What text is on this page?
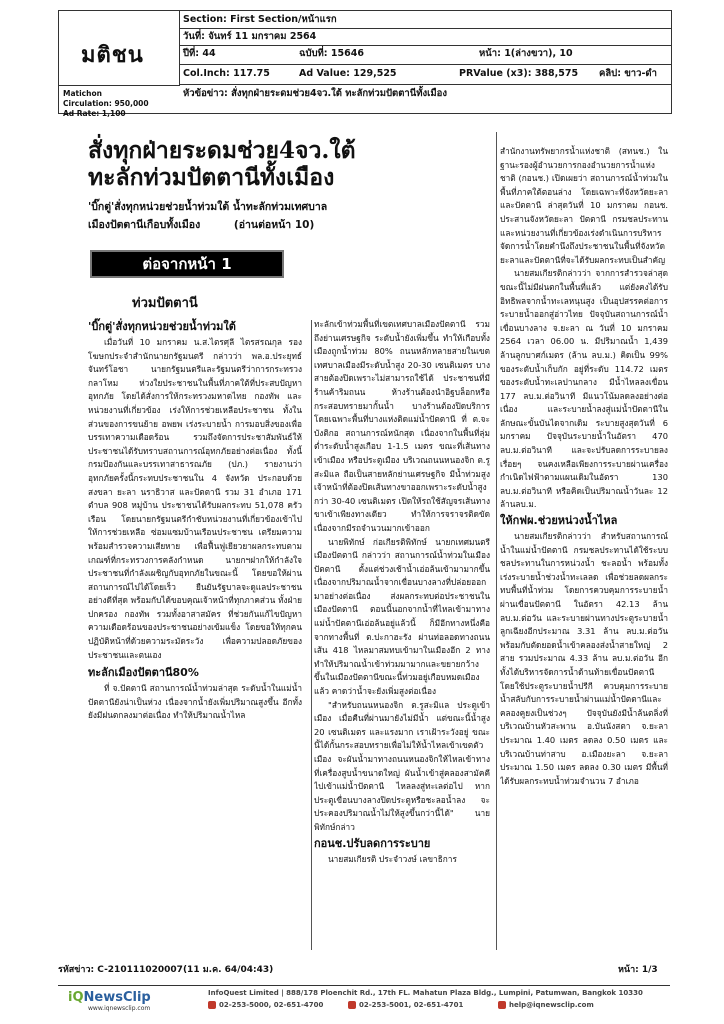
มติชน
Matichon
Circulation: 950,000
Ad Rate: 1,100
Section: First Section/หน้าแรก
วันที่: จันทร์ 11 มกราคม 2564
ปีที่: 44	ฉบับที่: 15646	หน้า: 1(ล่างขวา), 10
Col.Inch: 117.75	Ad Value: 129,525	PRValue (x3): 388,575 คลิป: ขาว-ดำ
หัวข้อข่าว: สั่งทุกฝ่ายระดมช่วย4จว.ใต้ ทะลักท่วมปัตตานีทั้งเมือง
สั่งทุกฝ่ายระดมช่วย4จว.ใต้
ทะลักท่วมปัตตานีทั้งเมือง
'บิ๊กตู่'สั่งทุกหน่วยช่วยน้ำท่วมใต้ น้ำทะลักท่วมเทศบาล
เมืองปัตตานีเกือบทั้งเมือง	(อ่านต่อหน้า 10)
ต่อจากหน้า 1
ท่วมปัตตานี

'บิ๊กตู่'สั่งทุกหน่วยช่วยน้ำท่วมใต้

เมื่อวันที่ 10 มกราคม น.ส.ไตรศุลี ไตรสรณกุล รองโฆษกประจำสำนักนายกรัฐมนตรี กล่าวว่า พล.อ.ประยุทธ์ จันทร์โอชา นายกรัฐมนตรีและรัฐมนตรีว่าการกระทรวงกลาโหม ห่วงใยประชาชนในพื้นที่ภาคใต้ที่ประสบปัญหาอุทกภัย โดยได้สั่งการให้กระทรวงมหาดไทย กองทัพ และหน่วยงานที่เกี่ยวข้อง เร่งให้การช่วยเหลือประชาชน ทั้งในส่วนของการขนย้าย อพยพ เร่งระบายน้ำ การมอบสิ่งของเพื่อบรรเทาความเดือดร้อน รวมถึงจัดการประชาสัมพันธ์ให้ประชาชนได้รับทราบสถานการณ์อุทกภัยอย่างต่อเนื่อง ทั้งนี้ กรมป้องกันและบรรเทาสาธารณภัย (ปภ.) รายงานว่า อุทกภัยครั้งนี้กระทบประชาชนใน 4 จังหวัด ประกอบด้วย สงขลา ยะลา นราธิวาส และปัตตานี รวม 31 อำเภอ 171 ตำบล 908 หมู่บ้าน ประชาชนได้รับผลกระทบ 51,078 ครัวเรือน โดยนายกรัฐมนตรีกำชับหน่วยงานที่เกี่ยวข้องเข้าไปให้การช่วยเหลือ ซ่อมแซมบ้านเรือนประชาชน เตรียมความพร้อมสำรวจความเสียหาย เพื่อฟื้นฟูเยียวยาผลกระทบตามเกณฑ์ที่กระทรวงการคลังกำหนด นายกฯฝากให้กำลังใจประชาชนที่กำลังเผชิญกับอุทกภัยในขณะนี้ โดยขอให้ผ่านสถานการณ์ไปได้โดยเร็ว ยืนยันรัฐบาลจะดูแลประชาชนอย่างดีที่สุด พร้อมกับได้ขอบคุณเจ้าหน้าที่ทุกภาคส่วน ทั้งฝ่ายปกครอง กองทัพ รวมทั้งอาสาสมัคร ที่ช่วยกันแก้ไขปัญหาความเดือดร้อนของประชาชนอย่างเข้มแข็ง โดยขอให้ทุกคนปฏิบัติหน้าที่ด้วยความระมัดระวัง เพื่อความปลอดภัยของประชาชนและตนเอง

ทะลักเมืองปัตตานี80%

ที่ จ.ปัตตานี สถานการณ์น้ำท่วมล่าสุด ระดับน้ำในแม่น้ำปัตตานียังน่าเป็นห่วง เนื่องจากน้ำยังเพิ่มปริมาณสูงขึ้น อีกทั้งยังมีฝนตกลงมาต่อเนื่อง ทำให้ปริมาณน้ำไหล

ทะลักเข้าท่วมพื้นที่เขตเทศบาลเมืองปัตตานี รวมถึงย่านเศรษฐกิจ ระดับน้ำยังเพิ่มขึ้น ทำให้เกือบทั้งเมืองถูกน้ำท่วม 80% ถนนหลักหลายสายในเขตเทศบาลเมืองมีระดับน้ำสูง 20-30 เซนติเมตร บางสายต้องปิดเพราะไม่สามารถใช้ได้ ประชาชนที่มีร้านค้าริมถนน ห้างร้านต้องนำอิฐบล็อกหรือกระสอบทรายมากั้นน้ำ บางร้านต้องปิดบริการ โดยเฉพาะพื้นที่บางแห่งติดแม่น้ำปัตตานี ที่ ต.จะบังติกอ สถานการณ์หนักสุด เนื่องจากในพื้นที่ลุ่มต่ำระดับน้ำสูงเกือบ 1-1.5 เมตร ขณะที่เส้นทางเข้าเมือง หรือประตูเมือง บริเวณถนนหนองจิก ต.รูสะมิแล ถือเป็นสายหลักย่านเศรษฐกิจ มีน้ำท่วมสูง เจ้าหน้าที่ต้องปิดเส้นทางขาออกเพราะระดับน้ำสูงกว่า 30-40 เซนติเมตร เปิดให้รถใช้สัญจรเส้นทางขาเข้าเพียงทางเดียว ทำให้การจราจรติดขัดเนื่องจากมีรถจำนวนมากเข้าออก

นายพิทักษ์ ก่อเกียรติพิทักษ์ นายกเทศมนตรีเมืองปัตตานี กล่าวว่า สถานการณ์น้ำท่วมในเมืองปัตตานี ตั้งแต่ช่วงเช้าน้ำเอ่อล้นเข้ามามากขึ้น เนื่องจากปริมาณน้ำจากเขื่อนบางลางที่ปล่อยออกมาอย่างต่อเนื่อง ส่งผลกระทบต่อประชาชนในเมืองปัตตานี ตอนนี้นอกจากน้ำที่ไหลเข้ามาทางแม่น้ำปัตตานีเอ่อล้นอยู่แล้วนี้ ก็มีอีกทางหนึ่งคือจากทางพื้นที่ ต.ปะกาฮะรัง ผ่านท่อลอดทางถนนเส้น 418 ไหลมาสมทบเข้ามาในเมืองอีก 2 ทาง ทำให้ปริมาณน้ำเข้าท่วมมามากและขยายกว้างขึ้นในเมืองปัตตานีขณะนี้ท่วมอยู่เกือบหมดเมืองแล้ว คาดว่าน้ำจะยังเพิ่มสูงต่อเนื่อง

"สำหรับถนนหนองจิก ต.รูสะมิแล ประตูเข้าเมือง เมื่อคืนที่ผ่านมายังไม่มีน้ำ แต่ขณะนี้น้ำสูง 20 เซนติเมตร และแรงมาก เราเฝ้าระวังอยู่ ขณะนี้ได้กั้นกระสอบทรายเพื่อไม่ให้น้ำไหลเข้าเขตตัวเมือง จะผันน้ำมาทางถนนหนองจิกให้ไหลเข้าทางที่เครื่องสูบน้ำขนาดใหญ่ ผันน้ำเข้าสู่คลองสามัคคี ไปเข้าแม่น้ำปัตตานี ไหลลงสู่ทะเลต่อไป หากประตูเขื่อนบางลางปิดประตูหรือชะลอน้ำลง จะประคองปริมาณน้ำไม่ให้สูงขึ้นกว่านี้ได้" นายพิทักษ์กล่าว

กอนช.ปรับลดการระบาย

นายสมเกียรติ ประจำวงษ์ เลขาธิการ

สำนักงานทรัพยากรน้ำแห่งชาติ (สทนช.) ในฐานะรองผู้อำนวยการกองอำนวยการน้ำแห่งชาติ (กอนช.) เปิดเผยว่า สถานการณ์น้ำท่วมในพื้นที่ภาคใต้ตอนล่าง โดยเฉพาะที่จังหวัดยะลาและปัตตานี ล่าสุดวันที่ 10 มกราคม กอนช. ประสานจังหวัดยะลา ปัตตานี กรมชลประทาน และหน่วยงานที่เกี่ยวข้องเร่งดำเนินการบริหารจัดการน้ำโดยคำนึงถึงประชาชนในพื้นที่จังหวัดยะลาและปัตตานีที่จะได้รับผลกระทบเป็นสำคัญ

นายสมเกียรติกล่าวว่า จากการสำรวจล่าสุด ขณะนี้ไม่มีฝนตกในพื้นที่แล้ว แต่ยังคงได้รับอิทธิพลจากน้ำทะเลหนุนสูง เป็นอุปสรรคต่อการระบายน้ำออกสู่อ่าวไทย ปัจจุบันสถานการณ์น้ำเขื่อนบางลาง จ.ยะลา ณ วันที่ 10 มกราคม 2564 เวลา 06.00 น. มีปริมาณน้ำ 1,439 ล้านลูกบาศก์เมตร (ล้าน ลบ.ม.) คิดเป็น 99% ของระดับน้ำเก็บกัก อยู่ที่ระดับ 114.72 เมตรของระดับน้ำทะเลปานกลาง มีน้ำไหลลงเขื่อน 177 ลบ.ม.ต่อวินาที มีแนวโน้มลดลงอย่างต่อเนื่อง และระบายน้ำลงสู่แม่น้ำปัตตานีในลักษณะขั้นบันไดจากเดิม ระบายสูงสุดวันที่ 6 มกราคม ปัจจุบันระบายน้ำในอัตรา 470 ลบ.ม.ต่อวินาที และจะปรับลดการระบายลงเรื่อยๆ จนคงเหลือเพียงการระบายผ่านเครื่องกำเนิดไฟฟ้าตามแผนเดิมในอัตรา 130 ลบ.ม.ต่อวินาที หรือคิดเป็นปริมาณน้ำวันละ 12 ล้านลบ.ม.

ให้กฟผ.ช่วยหน่วงน้ำไหล

นายสมเกียรติกล่าวว่า สำหรับสถานการณ์น้ำในแม่น้ำปัตตานี กรมชลประทานได้ใช้ระบบชลประทานในการหน่วงน้ำ ชะลอน้ำ พร้อมทั้งเร่งระบายน้ำช่วงน้ำทะเลลด เพื่อช่วยลดผลกระทบพื้นที่น้ำท่วม โดยการควบคุมการระบายน้ำผ่านเขื่อนปัตตานี ในอัตรา 42.13 ล้าน ลบ.ม.ต่อวัน และระบายผ่านทางประตูระบายน้ำลูกเฉียงอีกประมาณ 3.31 ล้าน ลบ.ม.ต่อวัน พร้อมกับตัดยอดน้ำเข้าคลองส่งน้ำสายใหญ่ 2 สาย รวมประมาณ 4.33 ล้าน ลบ.ม.ต่อวัน อีกทั้งได้บริหารจัดการน้ำด้านท้ายเขื่อนปัตตานี โดยใช้ประตูระบายน้ำปรีกี ควบคุมการระบายน้ำสลับกับการระบายน้ำผ่านแม่น้ำปัตตานีและคลองคูยงเป็นช่วงๆ ปัจจุบันยังมีน้ำล้นตลิ่งที่บริเวณบ้านหัวสะพาน อ.บันนังสตา จ.ยะลา ประมาณ 1.40 เมตร ลดลง 0.50 เมตร และบริเวณบ้านท่าสาบ อ.เมืองยะลา จ.ยะลา ประมาณ 1.50 เมตร ลดลง 0.30 เมตร มีพื้นที่ได้รับผลกระทบน้ำท่วมจำนวน 7 อำเภอ

รหัสข่าว: C-210111020007(11 ม.ค. 64/04:43)	หน้า: 1/3
iQNewsClip
www.iqnewsclip.com
InfoQuest Limited | 888/178 Ploenchit Rd., 17th FL. Mahatun Plaza Bldg., Lumpini, Patumwan, Bangkok 10330
02-253-5000, 02-651-4700	02-253-5001, 02-651-4701	help@iqnewsclip.com
